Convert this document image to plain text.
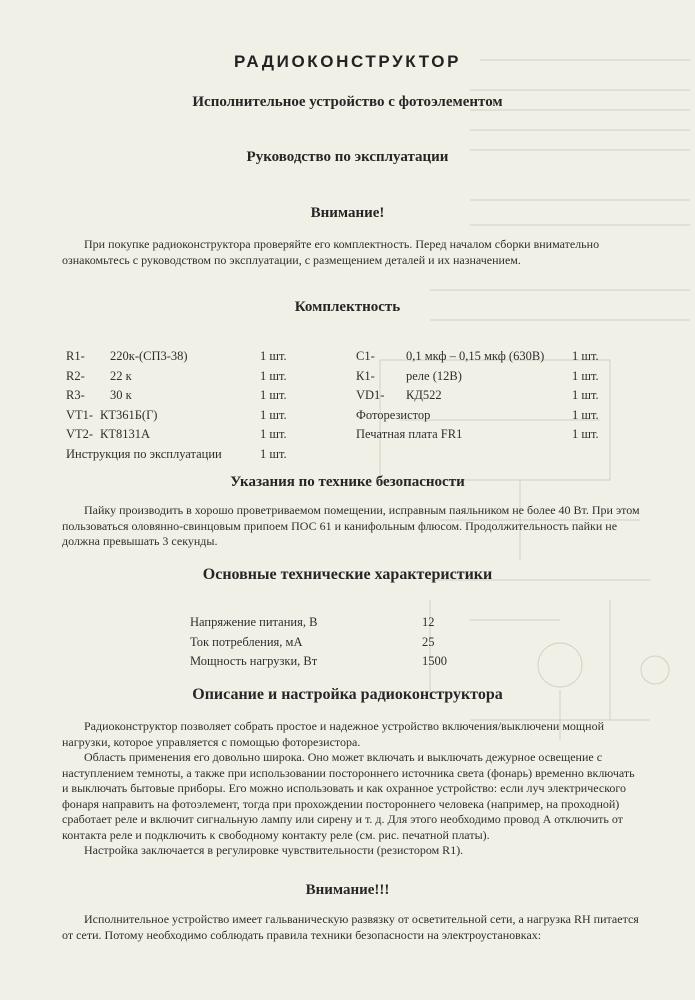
РАДИОКОНСТРУКТОР
Исполнительное устройство с фотоэлементом
Руководство по эксплуатации
Внимание!

При покупке радиоконструктора проверяйте его комплектность. Перед началом сборки внимательно ознакомьтесь с руководством по эксплуатации, с размещением деталей и их назначением.

Комплектность
R1- 220к-(СП3-38)	1 шт.	С1-	0,1 мкф – 0,15 мкф (630В) 1 шт.
R2- 22 к	1 шт.	К1-	реле (12В)	1 шт.
R3- 30 к	1 шт.	VD1- КД522	1 шт.
VT1- КТ361Б(Г)	1 шт.	Фоторезистор	1 шт.
VT2- КТ8131А	1 шт.	Печатная плата FR1	1 шт.
Инструкция по эксплуатации	1 шт.
Указания по технике безопасности

Пайку производить в хорошо проветриваемом помещении, исправным паяльником не более 40 Вт. При этом пользоваться оловянно-свинцовым припоем ПОС 61 и канифольным флюсом. Продолжительность пайки не должна превышать 3 секунды.

Основные технические характеристики
Напряжение питания, В	12
Ток потребления, мА	25
Мощность нагрузки, Вт	1500
Описание и настройка радиоконструктора

Радиоконструктор позволяет собрать простое и надежное устройство включения/выключени мощной нагрузки, которое управляется с помощью фоторезистора.

Область применения его довольно широка. Оно может включать и выключать дежурное освещение с наступлением темноты, а также при использовании постороннего источника света (фонарь) временно включать и выключать бытовые приборы. Его можно использовать и как охранное устройство: если луч электрического фонаря направить на фотоэлемент, тогда при прохождении постороннего человека (например, на проходной) сработает реле и включит сигнальную лампу или сирену и т. д. Для этого необходимо провод А отключить от контакта реле и подключить к свободному контакту реле (см. рис. печатной платы).

Настройка заключается в регулировке чувствительности (резистором R1).

Внимание!!!

Исполнительное устройство имеет гальваническую развязку от осветительной сети, а нагрузка RH питается от сети. Потому необходимо соблюдать правила техники безопасности на электроустановках:
